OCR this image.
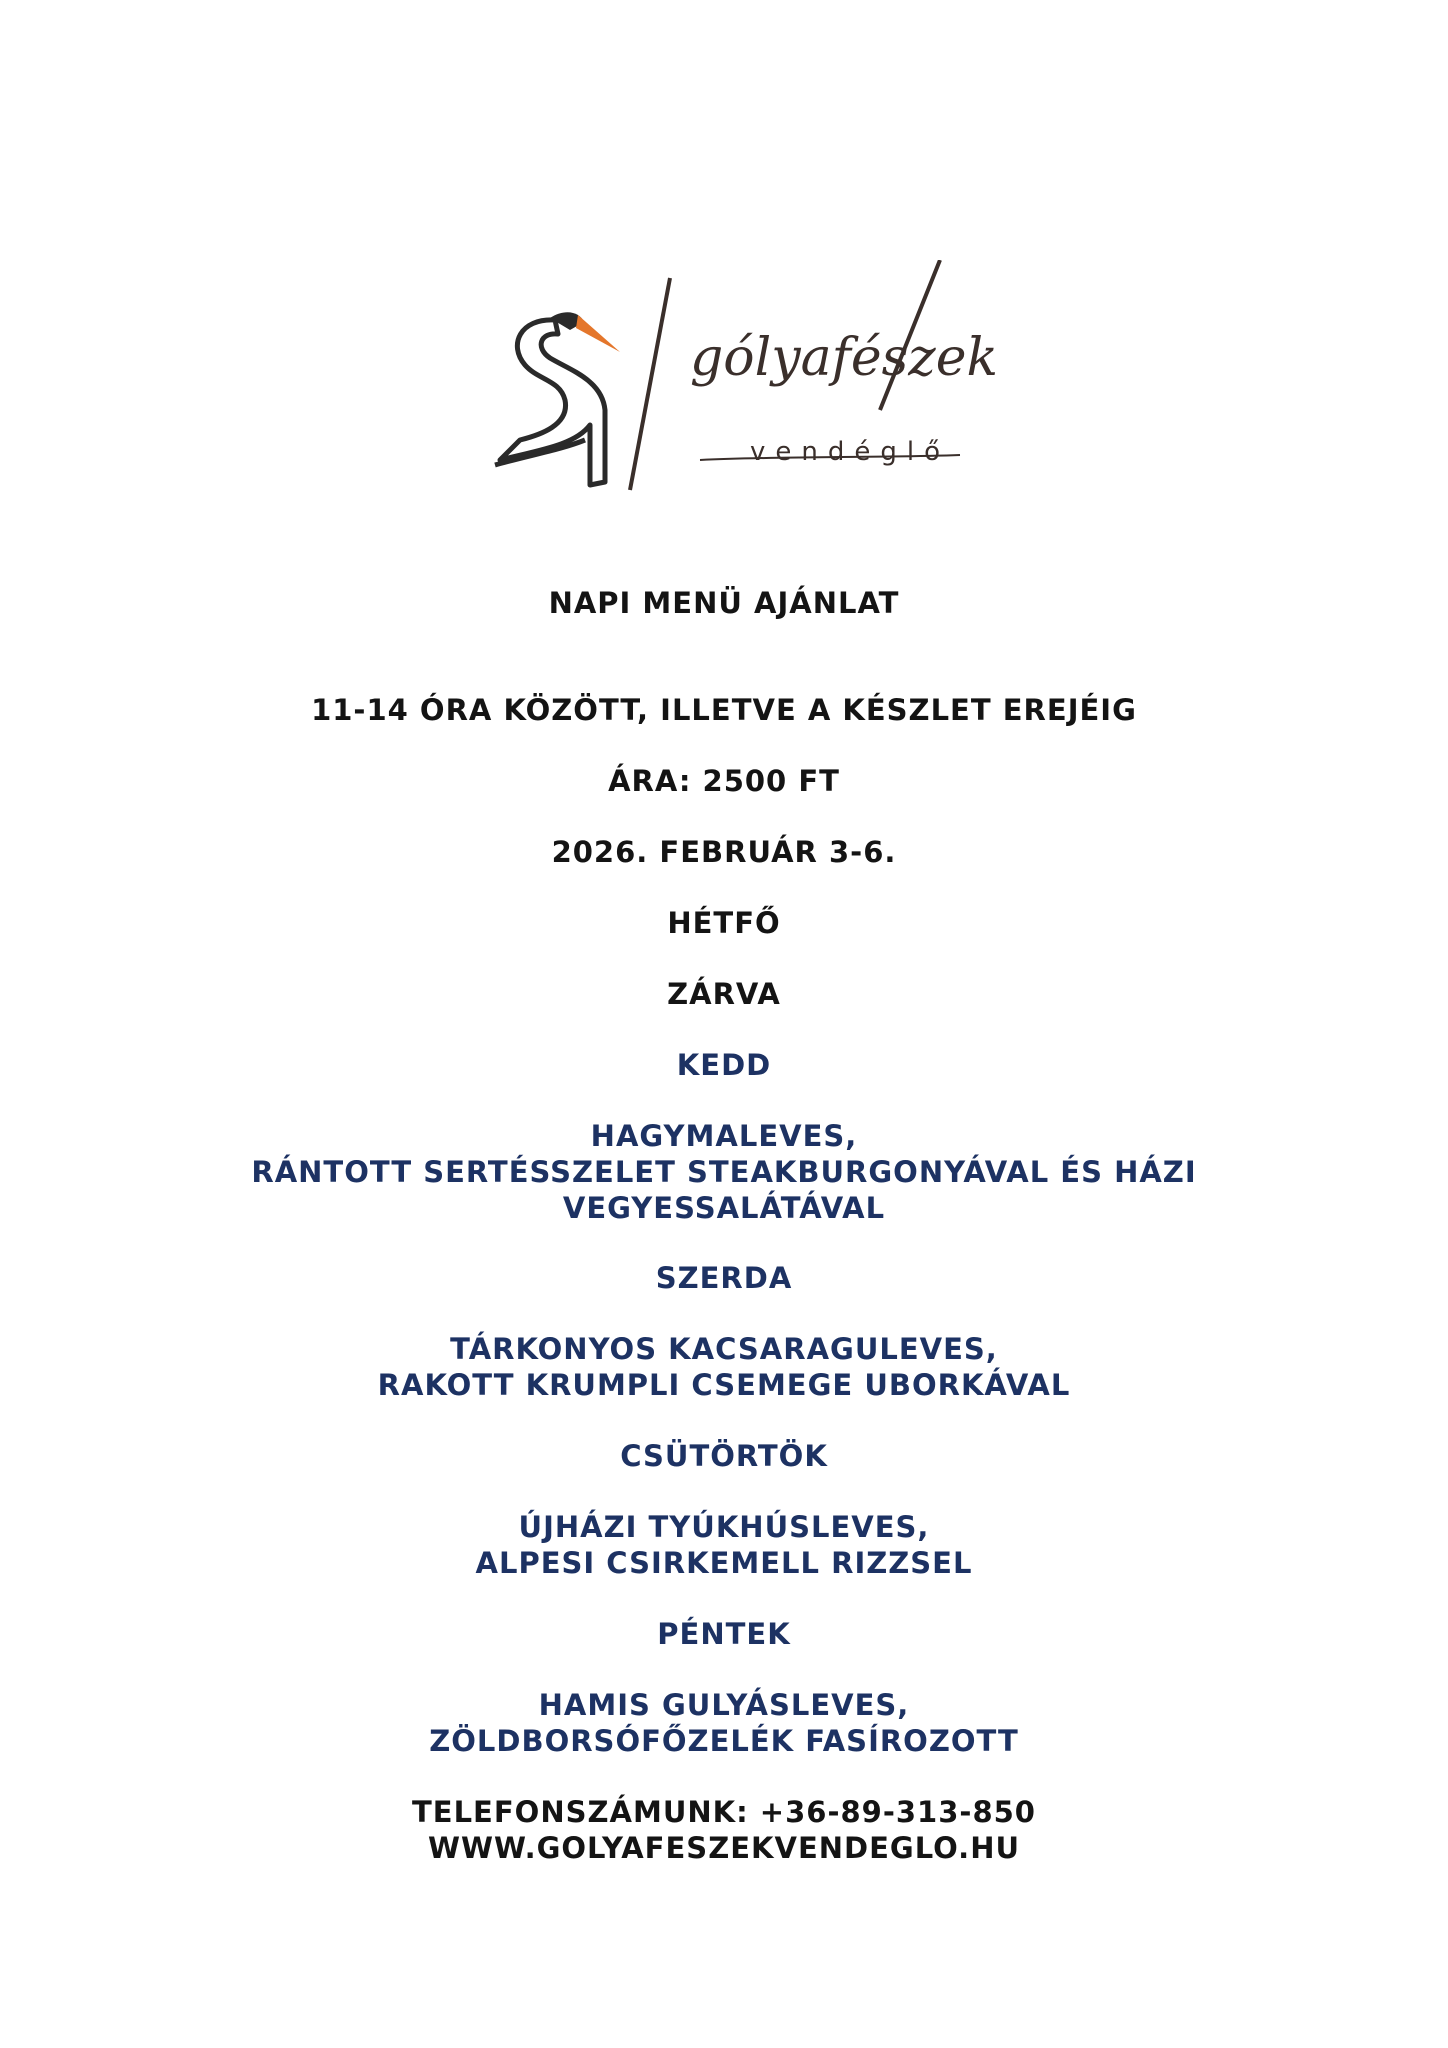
gólyafészek
vendéglő
NAPI MENÜ AJÁNLAT
11-14 ÓRA KÖZÖTT, ILLETVE A KÉSZLET EREJÉIG
ÁRA: 2500 FT
2026. FEBRUÁR 3-6.
HÉTFŐ
ZÁRVA
KEDD
HAGYMALEVES,
RÁNTOTT SERTÉSSZELET STEAKBURGONYÁVAL ÉS HÁZI
VEGYESSALÁTÁVAL
SZERDA
TÁRKONYOS KACSARAGULEVES,
RAKOTT KRUMPLI CSEMEGE UBORKÁVAL
CSÜTÖRTÖK
ÚJHÁZI TYÚKHÚSLEVES,
ALPESI CSIRKEMELL RIZZSEL
PÉNTEK
HAMIS GULYÁSLEVES,
ZÖLDBORSÓFŐZELÉK FASÍROZOTT
TELEFONSZÁMUNK: +36-89-313-850
WWW.GOLYAFESZEKVENDEGLO.HU
